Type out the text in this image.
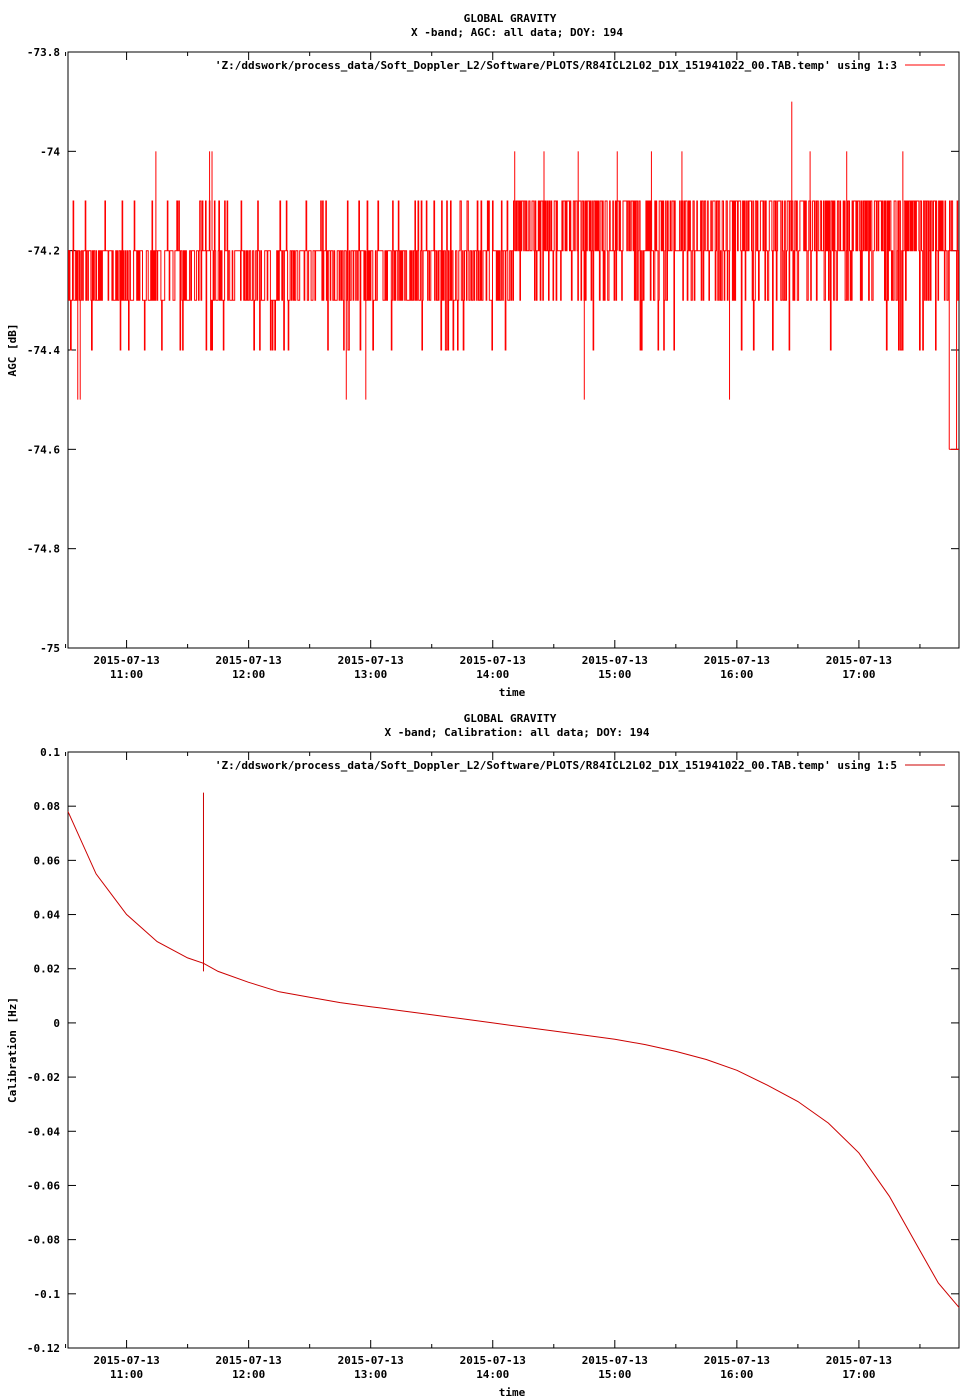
GLOBAL GRAVITY
X -band; AGC: all data; DOY: 194
-73.8
-74
-74.2
-74.4
-74.6
-74.8
-75
2015-07-13
11:00
2015-07-13
12:00
2015-07-13
13:00
2015-07-13
14:00
2015-07-13
15:00
2015-07-13
16:00
2015-07-13
17:00
'Z:/ddswork/process_data/Soft_Doppler_L2/Software/PLOTS/R84ICL2L02_D1X_151941022_00.TAB.temp' using 1:3
time
AGC [dB]
GLOBAL GRAVITY
X -band; Calibration: all data; DOY: 194
0.1
0.08
0.06
0.04
0.02
0
-0.02
-0.04
-0.06
-0.08
-0.1
-0.12
2015-07-13
11:00
2015-07-13
12:00
2015-07-13
13:00
2015-07-13
14:00
2015-07-13
15:00
2015-07-13
16:00
2015-07-13
17:00
'Z:/ddswork/process_data/Soft_Doppler_L2/Software/PLOTS/R84ICL2L02_D1X_151941022_00.TAB.temp' using 1:5
time
Calibration [Hz]
